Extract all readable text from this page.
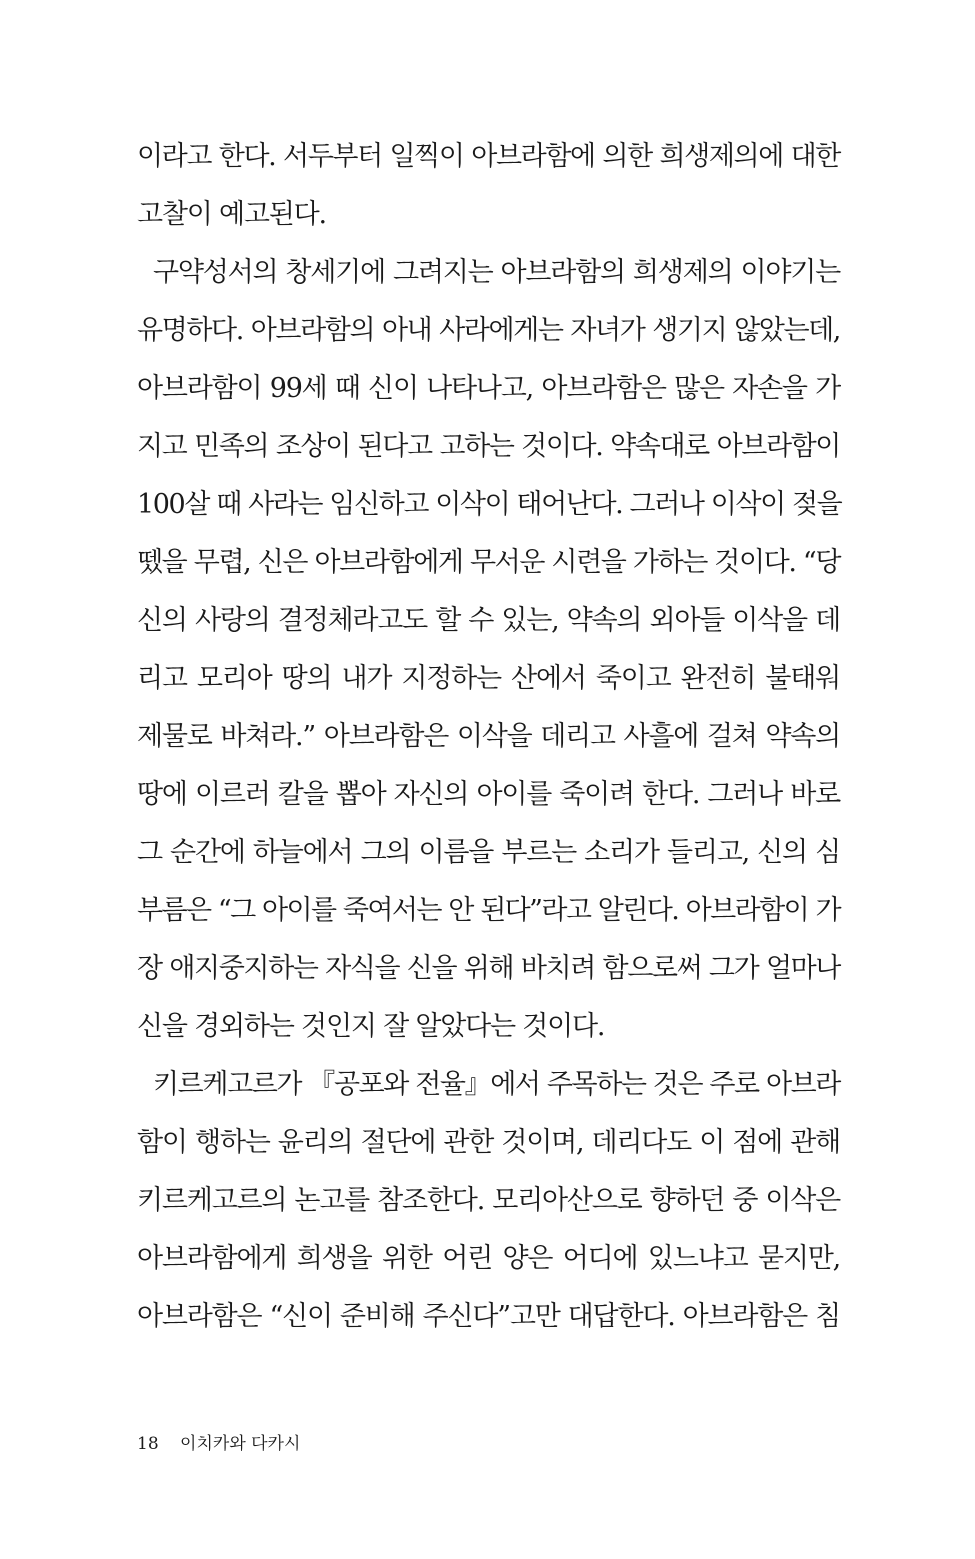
이라고 한다. 서두부터 일찍이 아브라함에 의한 희생제의에 대한
고찰이 예고된다.
구약성서의 창세기에 그려지는 아브라함의 희생제의 이야기는
유명하다. 아브라함의 아내 사라에게는 자녀가 생기지 않았는데,
아브라함이 99세 때 신이 나타나고, 아브라함은 많은 자손을 가
지고 민족의 조상이 된다고 고하는 것이다. 약속대로 아브라함이
100살 때 사라는 임신하고 이삭이 태어난다. 그러나 이삭이 젖을
뗐을 무렵, 신은 아브라함에게 무서운 시련을 가하는 것이다. “당
신의 사랑의 결정체라고도 할 수 있는, 약속의 외아들 이삭을 데
리고 모리아 땅의 내가 지정하는 산에서 죽이고 완전히 불태워
제물로 바쳐라.” 아브라함은 이삭을 데리고 사흘에 걸쳐 약속의
땅에 이르러 칼을 뽑아 자신의 아이를 죽이려 한다. 그러나 바로
그 순간에 하늘에서 그의 이름을 부르는 소리가 들리고, 신의 심
부름은 “그 아이를 죽여서는 안 된다”라고 알린다. 아브라함이 가
장 애지중지하는 자식을 신을 위해 바치려 함으로써 그가 얼마나
신을 경외하는 것인지 잘 알았다는 것이다.
키르케고르가 『공포와 전율』에서 주목하는 것은 주로 아브라
함이 행하는 윤리의 절단에 관한 것이며, 데리다도 이 점에 관해
키르케고르의 논고를 참조한다. 모리아산으로 향하던 중 이삭은
아브라함에게 희생을 위한 어린 양은 어디에 있느냐고 묻지만,
아브라함은 “신이 준비해 주신다”고만 대답한다. 아브라함은 침
18 이치카와 다카시
